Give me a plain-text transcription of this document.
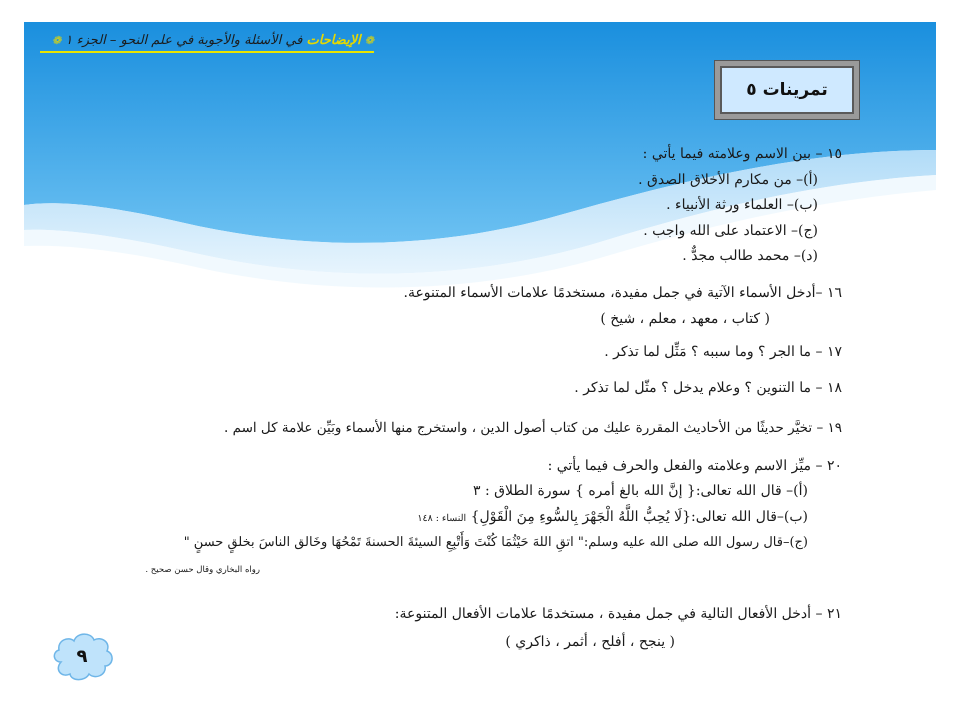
❁ الإيضاحات في الأسئلة والأجوبة في علم النحو – الجزء ١ ❁
تمرينات ٥
١٥ – بين الاسم وعلامته فيما يأتي :
(أ)– من مكارم الأخلاق الصدق .
(ب)– العلماء ورثة الأنبياء .
(ج)– الاعتماد على الله واجب .
(د)– محمد طالب مجدٌّ .
١٦ –أدخل الأسماء الآتية في جمل مفيدة، مستخدمًا علامات الأسماء المتنوعة.
( كتاب ، معهد ، معلم ، شيخ )
١٧ – ما الجر ؟ وما سببه ؟ مَثِّل لما تذكر .
١٨ – ما التنوين ؟ وعلام يدخل ؟ مثّل لما تذكر .
١٩ – تخيَّر حديثًا من الأحاديث المقررة عليك من كتاب أصول الدين ، واستخرج منها الأسماء وبَيِّن علامة كل اسم .
٢٠ – ميِّز الاسم وعلامته والفعل والحرف فيما يأتي :
(أ)– قال الله تعالى:{ إنَّ الله بالغ أمره } سورة الطلاق : ٣
(ب)–قال الله تعالى:{لَا يُحِبُّ اللَّهُ الْجَهْرَ بِالسُّوءِ مِنَ الْقَوْلِ} النساء : ١٤٨
(ج)–قال رسول الله صلى الله عليه وسلم:" اتقِ اللهَ حَيْثُمَا كُنْتَ وَأَتْبِعِ السيئةَ الحسنةَ تَمْحُهَا وخَالق الناسَ بخلقٍ حسنٍ "
رواه البخاري وقال حسن صحيح .
٢١ – أدخل الأفعال التالية في جمل مفيدة ، مستخدمًا علامات الأفعال المتنوعة:
( ينجح ، أفلح ، أثمر ، ذاكري )
٩
